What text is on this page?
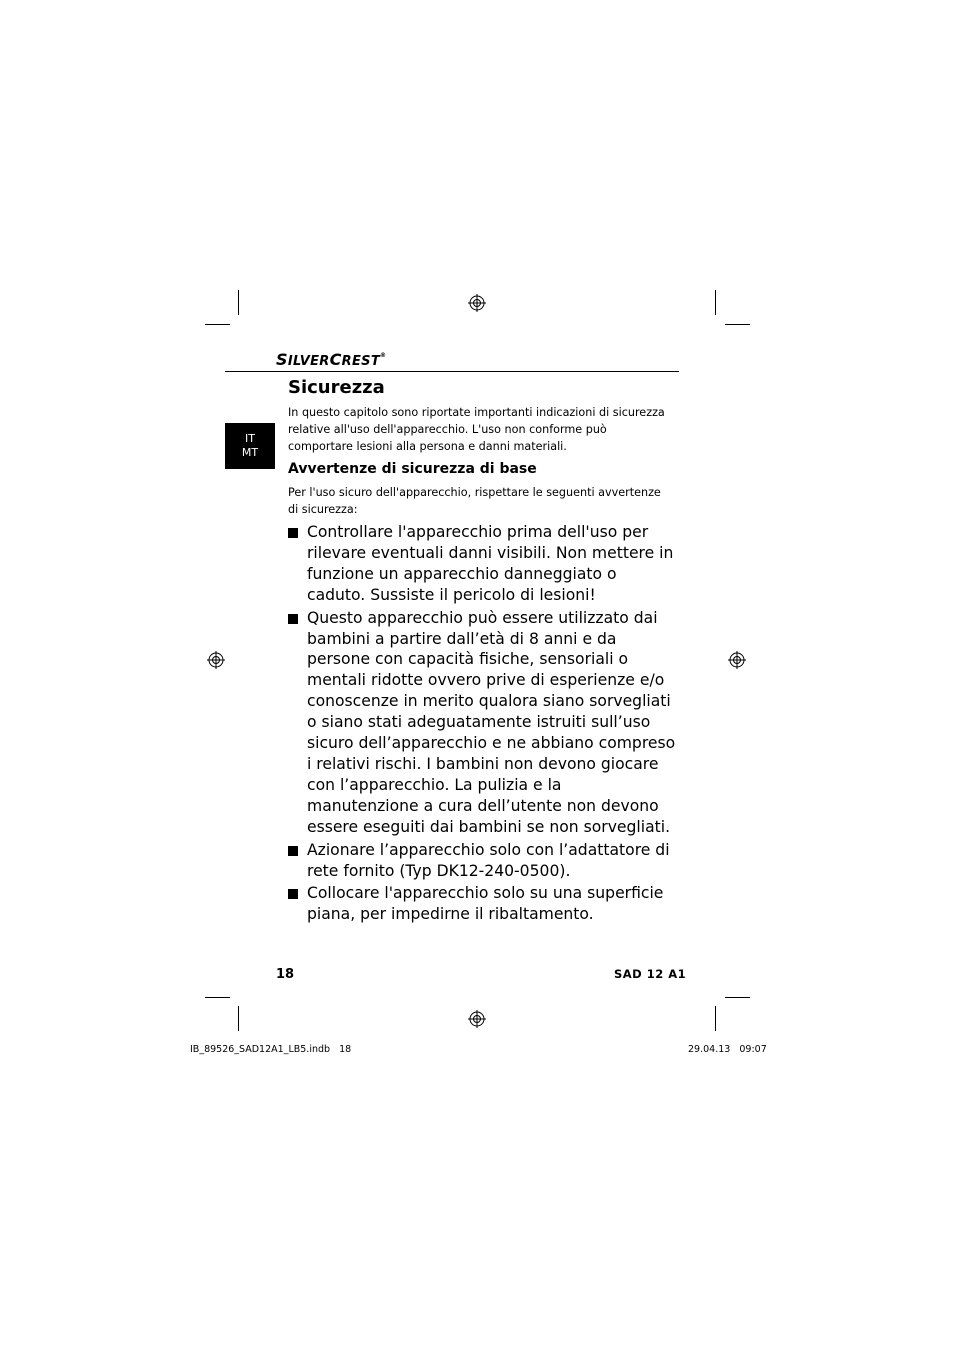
SILVERCREST®
IT
MT
Sicurezza

In questo capitolo sono riportate importanti indicazioni di sicurezza relative all'uso dell'apparecchio. L'uso non conforme può comportare lesioni alla persona e danni materiali.

Avvertenze di sicurezza di base

Per l'uso sicuro dell'apparecchio, rispettare le seguenti avvertenze di sicurezza:

Controllare l'apparecchio prima dell'uso per rilevare eventuali danni visibili. Non mettere in funzione un apparecchio danneggiato o caduto. Sussiste il pericolo di lesioni!
Questo apparecchio può essere utilizzato dai bambini a partire dall’età di 8 anni e da persone con capacità fisiche, sensoriali o mentali ridotte ovvero prive di esperienze e/o conoscenze in merito qualora siano sorvegliati o siano stati adeguatamente istruiti sull’uso sicuro dell’apparecchio e ne abbiano compreso i relativi rischi. I bambini non devono giocare con l’apparecchio. La pulizia e la manutenzione a cura dell’utente non devono essere eseguiti dai bambini se non sorvegliati.
Azionare l’apparecchio solo con l’adattatore di rete fornito (Typ DK12-240-0500).
Collocare l'apparecchio solo su una superficie piana, per impedirne il ribaltamento.
18	SAD 12 A1
IB_89526_SAD12A1_LB5.indb   18	29.04.13   09:07
